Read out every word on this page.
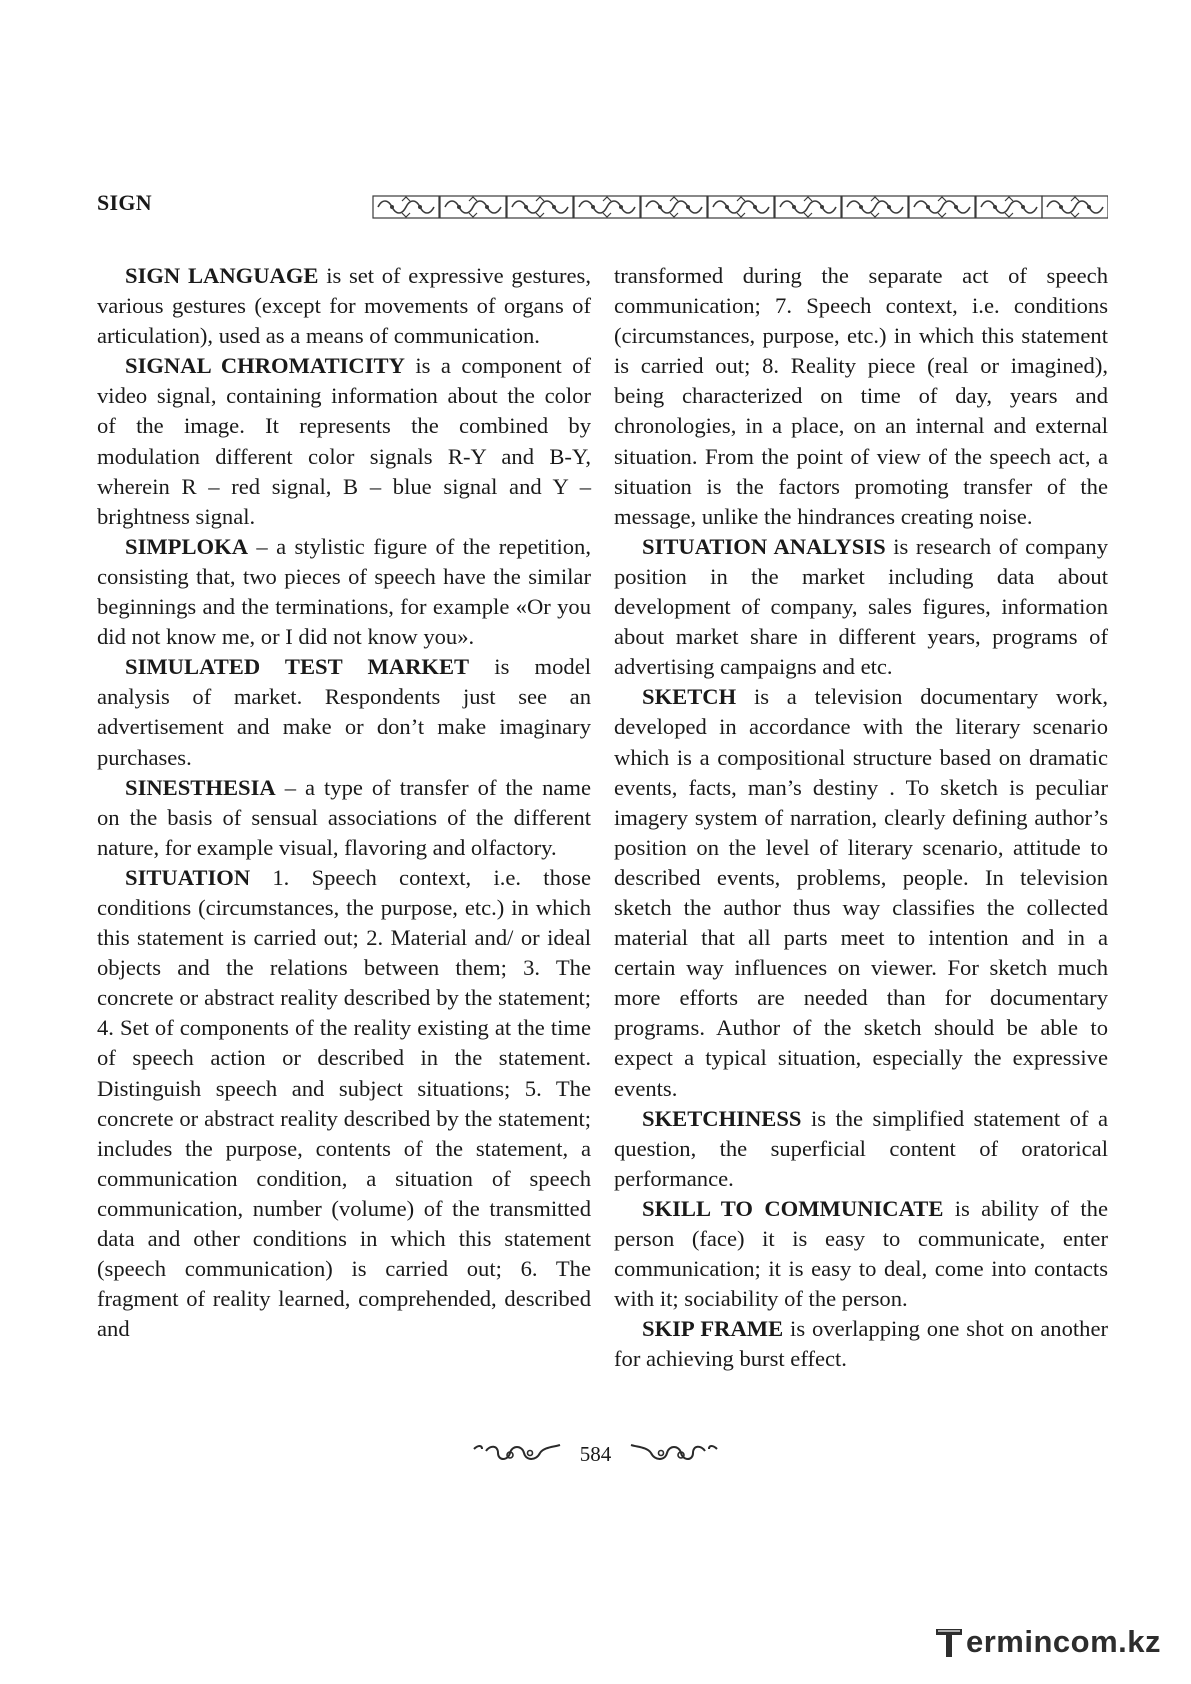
SIGN

SIGN LANGUAGE is set of expressive gestures, various gestures (except for movements of organs of articulation), used as a means of communication.

SIGNAL CHROMATICITY is a component of video signal, containing information about the color of the image. It represents the combined by modulation different color signals R-Y and B-Y, wherein R – red signal, B – blue signal and Y – brightness signal.

SIMPLOKA – a stylistic figure of the repetition, consisting that, two pieces of speech have the similar beginnings and the terminations, for example «Or you did not know me, or I did not know you».

SIMULATED TEST MARKET is model analysis of market. Respondents just see an advertisement and make or don’t make imaginary purchases.

SINESTHESIA – a type of transfer of the name on the basis of sensual associations of the different nature, for example visual, flavoring and olfactory.

SITUATION 1. Speech context, i.e. those conditions (circumstances, the purpose, etc.) in which this statement is carried out; 2. Material and/ or ideal objects and the relations between them; 3. The concrete or abstract reality described by the statement; 4. Set of components of the reality existing at the time of speech action or described in the statement. Distinguish speech and subject situations; 5. The concrete or abstract reality described by the statement; includes the purpose, contents of the statement, a communication condition, a situation of speech communication, number (volume) of the transmitted data and other conditions in which this statement (speech communication) is carried out; 6. The fragment of reality learned, comprehended, described and

transformed during the separate act of speech communication; 7. Speech context, i.e. conditions (circumstances, purpose, etc.) in which this statement is carried out; 8. Reality piece (real or imagined), being characterized on time of day, years and chronologies, in a place, on an internal and external situation. From the point of view of the speech act, a situation is the factors promoting transfer of the message, unlike the hindrances creating noise.

SITUATION ANALYSIS is research of company position in the market including data about development of company, sales figures, information about market share in different years, programs of advertising campaigns and etc.

SKETCH is a television documentary work, developed in accordance with the literary scenario which is a compositional structure based on dramatic events, facts, man’s destiny . To sketch is peculiar imagery system of narration, clearly defining author’s position on the level of literary scenario, attitude to described events, problems, people. In television sketch the author thus way classifies the collected material that all parts meet to intention and in a certain way influences on viewer. For sketch much more efforts are needed than for documentary programs. Author of the sketch should be able to expect a typical situation, especially the expressive events.

SKETCHINESS is the simplified statement of a question, the superficial content of oratorical performance.

SKILL TO COMMUNICATE is ability of the person (face) it is easy to communicate, enter communication; it is easy to deal, come into contacts with it; sociability of the person.

SKIP FRAME is overlapping one shot on another for achieving burst effect.

584
ermincom.kz
